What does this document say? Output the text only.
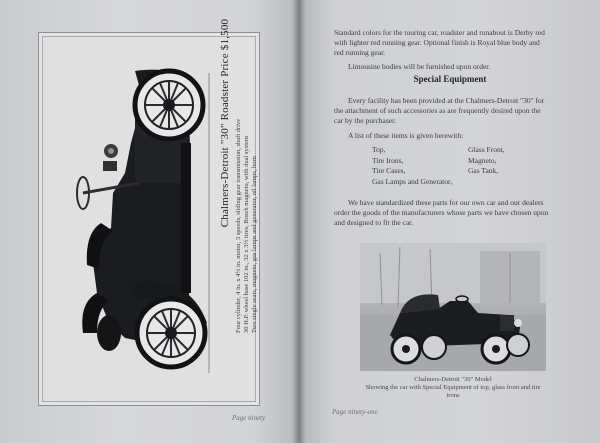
Chalmers-Detroit "30" Roadster Price $1,500 Four cylinder, 4 in. x 4½ in. motor, 3 speeds, sliding gear transmission, shaft drive 30 H.P. wheel base 102 in., 32 x 3½ tires, Bosch magneto, with dual system Two single seats, magneto, gas lamps and generator, oil lamps, horn
Page ninety
Standard colors for the touring car, roadster and runabout is Derby red
with lighter red running gear. Optional finish is Royal blue body and
red running gear.
Limousine bodies will be furnished upon order.
Special Equipment
Every facility has been provided at the Chalmers-Detroit "30" for
the attachment of such accessories as are frequently desired upon the
car by the purchaser.
A list of these items is given herewith:
Top,	Glass Front,
Tire Irons,	Magneto,
Tire Cases,	Gas Tank,
Gas Lamps and Generator,
We have standardized these parts for our own car and our dealers
order the goods of the manufacturers whose parts we have chosen upon
and designed to fit the car.
Chalmers-Detroit "30" Model
Showing the car with Special Equipment of top, glass front and tire irons
Page ninety-one
